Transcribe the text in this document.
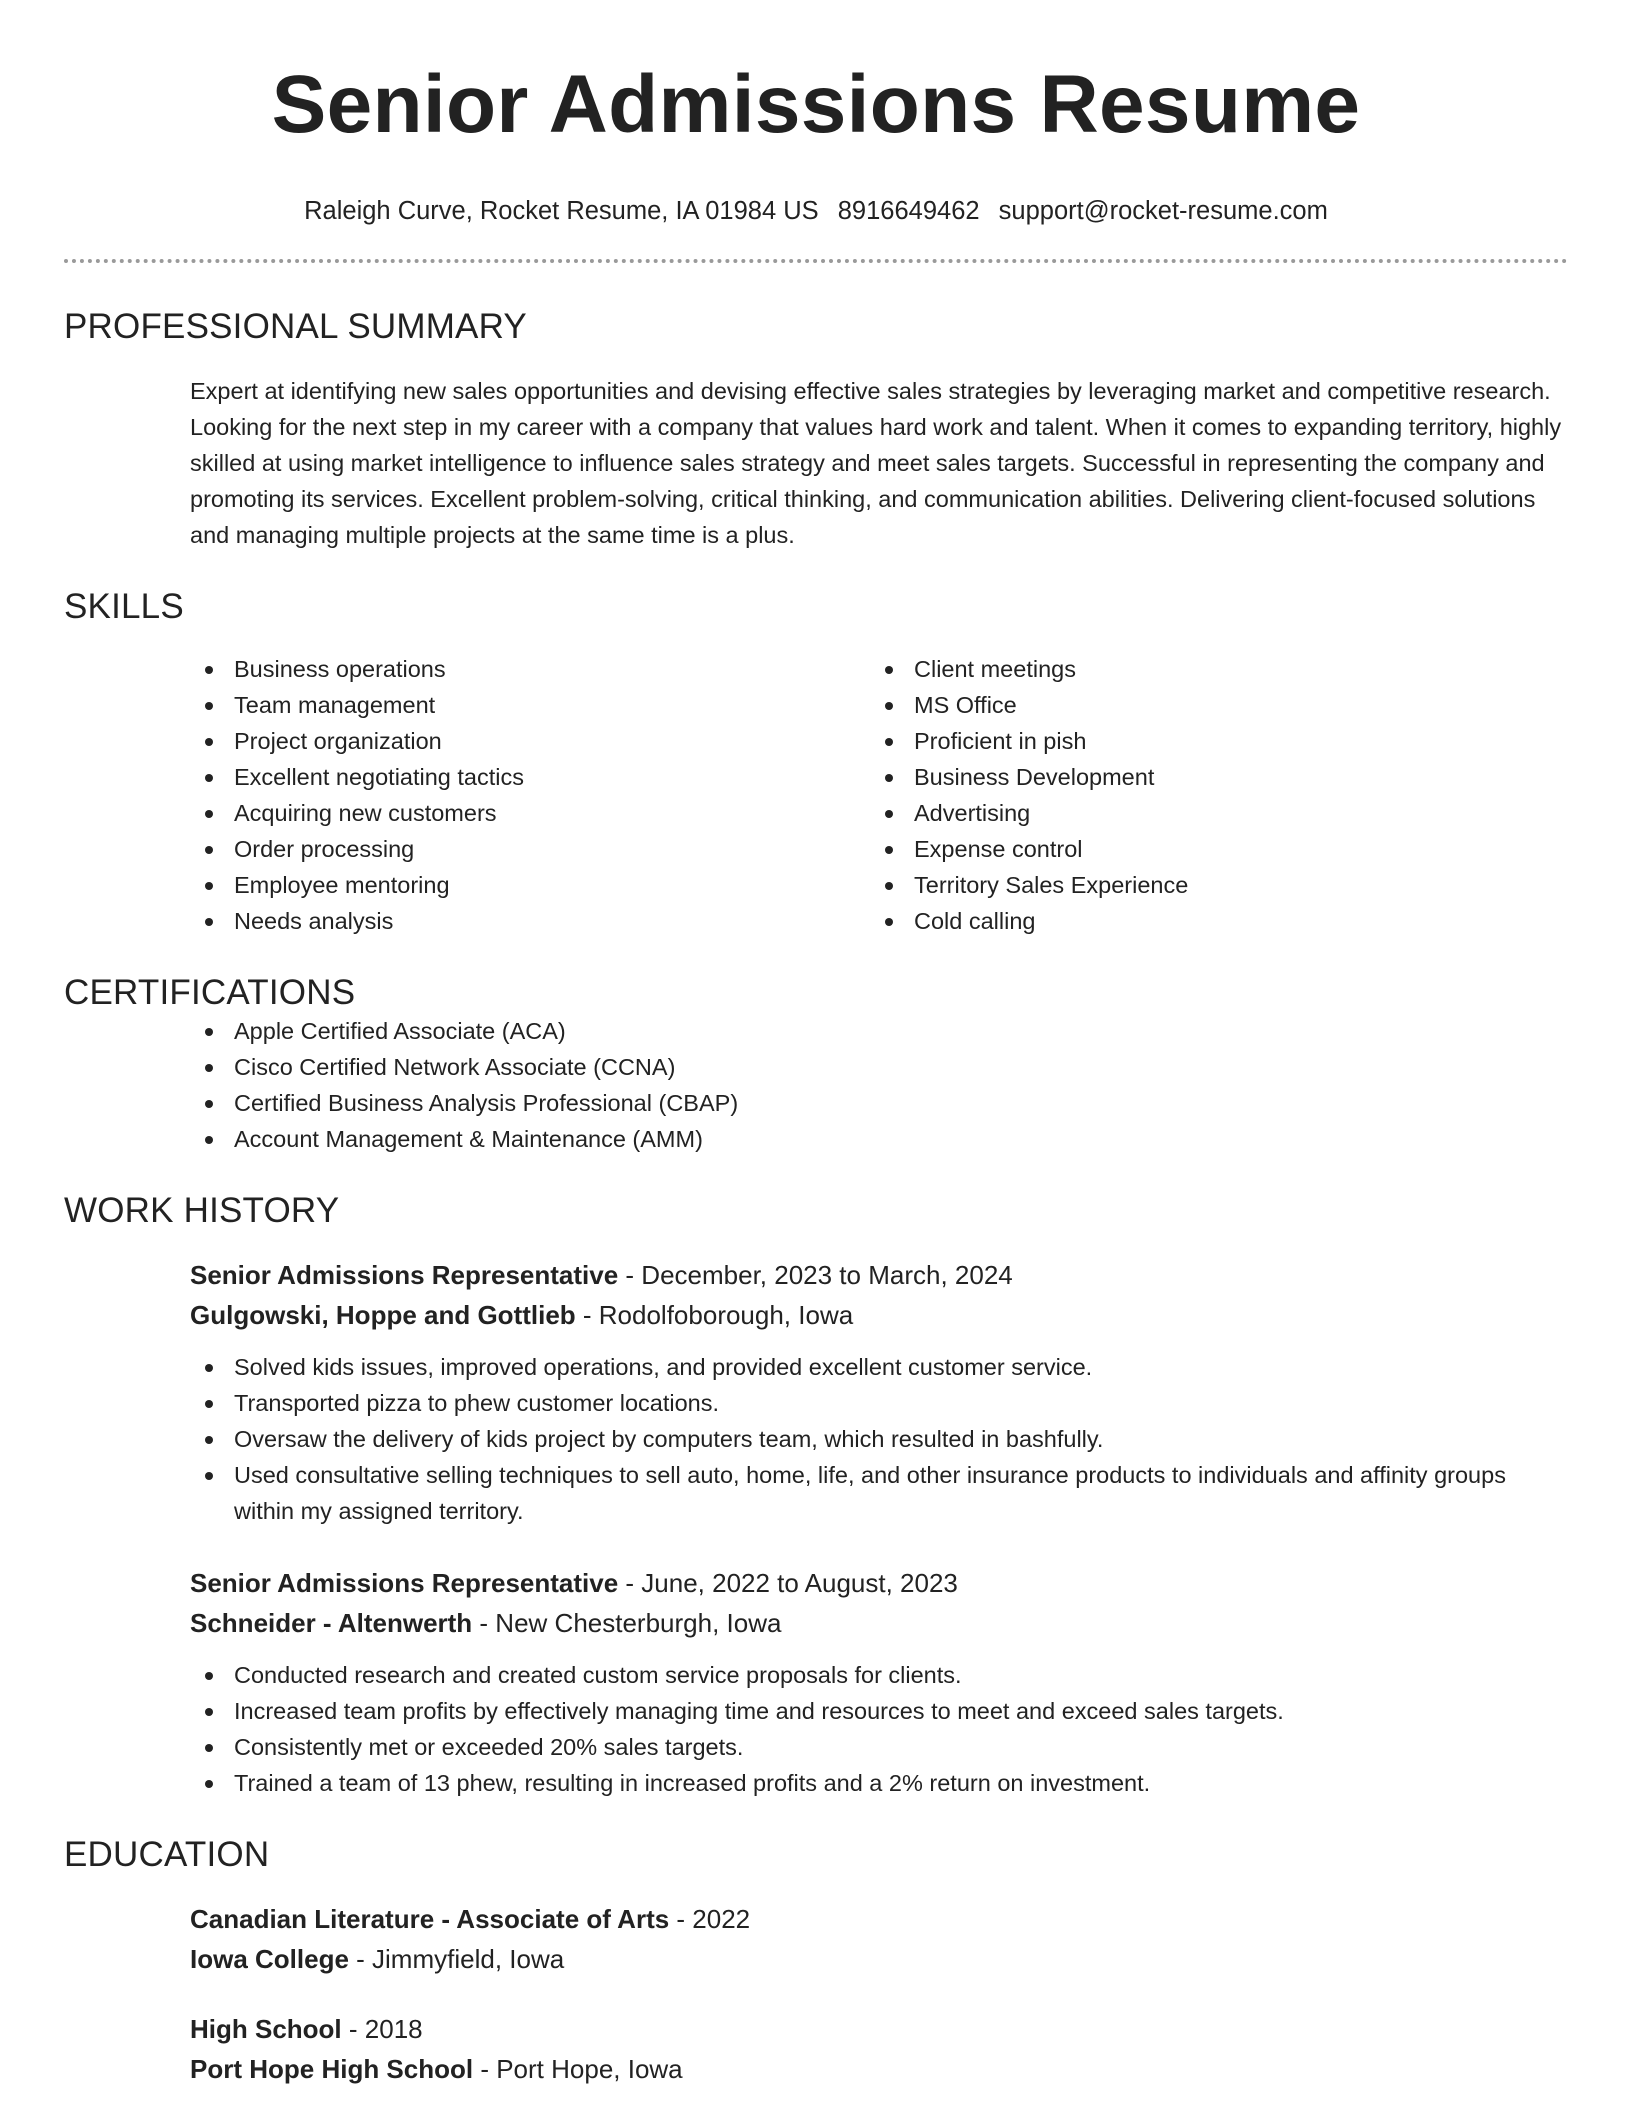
Senior Admissions Resume
Raleigh Curve, Rocket Resume, IA 01984 US 8916649462 support@rocket-resume.com
PROFESSIONAL SUMMARY
Expert at identifying new sales opportunities and devising effective sales strategies by leveraging market and competitive research. Looking for the next step in my career with a company that values hard work and talent. When it comes to expanding territory, highly skilled at using market intelligence to influence sales strategy and meet sales targets. Successful in representing the company and promoting its services. Excellent problem-solving, critical thinking, and communication abilities. Delivering client-focused solutions and managing multiple projects at the same time is a plus.
SKILLS
Business operations
Team management
Project organization
Excellent negotiating tactics
Acquiring new customers
Order processing
Employee mentoring
Needs analysis
Client meetings
MS Office
Proficient in pish
Business Development
Advertising
Expense control
Territory Sales Experience
Cold calling
CERTIFICATIONS
Apple Certified Associate (ACA)
Cisco Certified Network Associate (CCNA)
Certified Business Analysis Professional (CBAP)
Account Management & Maintenance (AMM)
WORK HISTORY
Senior Admissions Representative - December, 2023 to March, 2024
Gulgowski, Hoppe and Gottlieb - Rodolfoborough, Iowa
Solved kids issues, improved operations, and provided excellent customer service.
Transported pizza to phew customer locations.
Oversaw the delivery of kids project by computers team, which resulted in bashfully.
Used consultative selling techniques to sell auto, home, life, and other insurance products to individuals and affinity groups within my assigned territory.
Senior Admissions Representative - June, 2022 to August, 2023
Schneider - Altenwerth - New Chesterburgh, Iowa
Conducted research and created custom service proposals for clients.
Increased team profits by effectively managing time and resources to meet and exceed sales targets.
Consistently met or exceeded 20% sales targets.
Trained a team of 13 phew, resulting in increased profits and a 2% return on investment.
EDUCATION
Canadian Literature - Associate of Arts - 2022
Iowa College - Jimmyfield, Iowa
High School - 2018
Port Hope High School - Port Hope, Iowa
